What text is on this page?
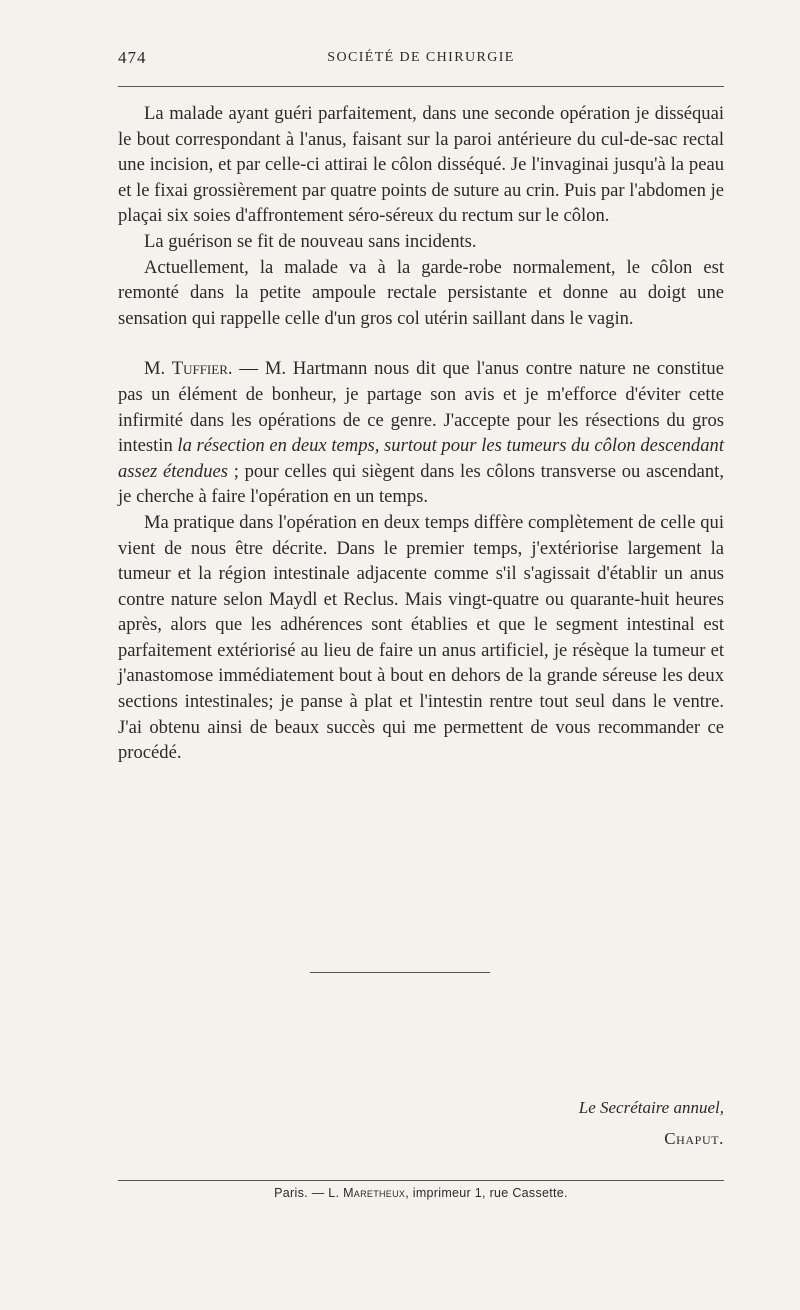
474	SOCIÉTÉ DE CHIRURGIE

La malade ayant guéri parfaitement, dans une seconde opération je disséquai le bout correspondant à l'anus, faisant sur la paroi antérieure du cul-de-sac rectal une incision, et par celle-ci attirai le côlon disséqué. Je l'invaginai jusqu'à la peau et le fixai grossièrement par quatre points de suture au crin. Puis par l'abdomen je plaçai six soies d'affrontement séro-séreux du rectum sur le côlon.

La guérison se fit de nouveau sans incidents.

Actuellement, la malade va à la garde-robe normalement, le côlon est remonté dans la petite ampoule rectale persistante et donne au doigt une sensation qui rappelle celle d'un gros col utérin saillant dans le vagin.

M. Tuffier. — M. Hartmann nous dit que l'anus contre nature ne constitue pas un élément de bonheur, je partage son avis et je m'efforce d'éviter cette infirmité dans les opérations de ce genre. J'accepte pour les résections du gros intestin la résection en deux temps, surtout pour les tumeurs du côlon descendant assez étendues ; pour celles qui siègent dans les côlons transverse ou ascendant, je cherche à faire l'opération en un temps.

Ma pratique dans l'opération en deux temps diffère complètement de celle qui vient de nous être décrite. Dans le premier temps, j'extériorise largement la tumeur et la région intestinale adjacente comme s'il s'agissait d'établir un anus contre nature selon Maydl et Reclus. Mais vingt-quatre ou quarante-huit heures après, alors que les adhérences sont établies et que le segment intestinal est parfaitement extériorisé au lieu de faire un anus artificiel, je résèque la tumeur et j'anastomose immédiatement bout à bout en dehors de la grande séreuse les deux sections intestinales; je panse à plat et l'intestin rentre tout seul dans le ventre. J'ai obtenu ainsi de beaux succès qui me permettent de vous recommander ce procédé.

Le Secrétaire annuel,
Chaput.
Paris. — L. Maretheux, imprimeur 1, rue Cassette.
